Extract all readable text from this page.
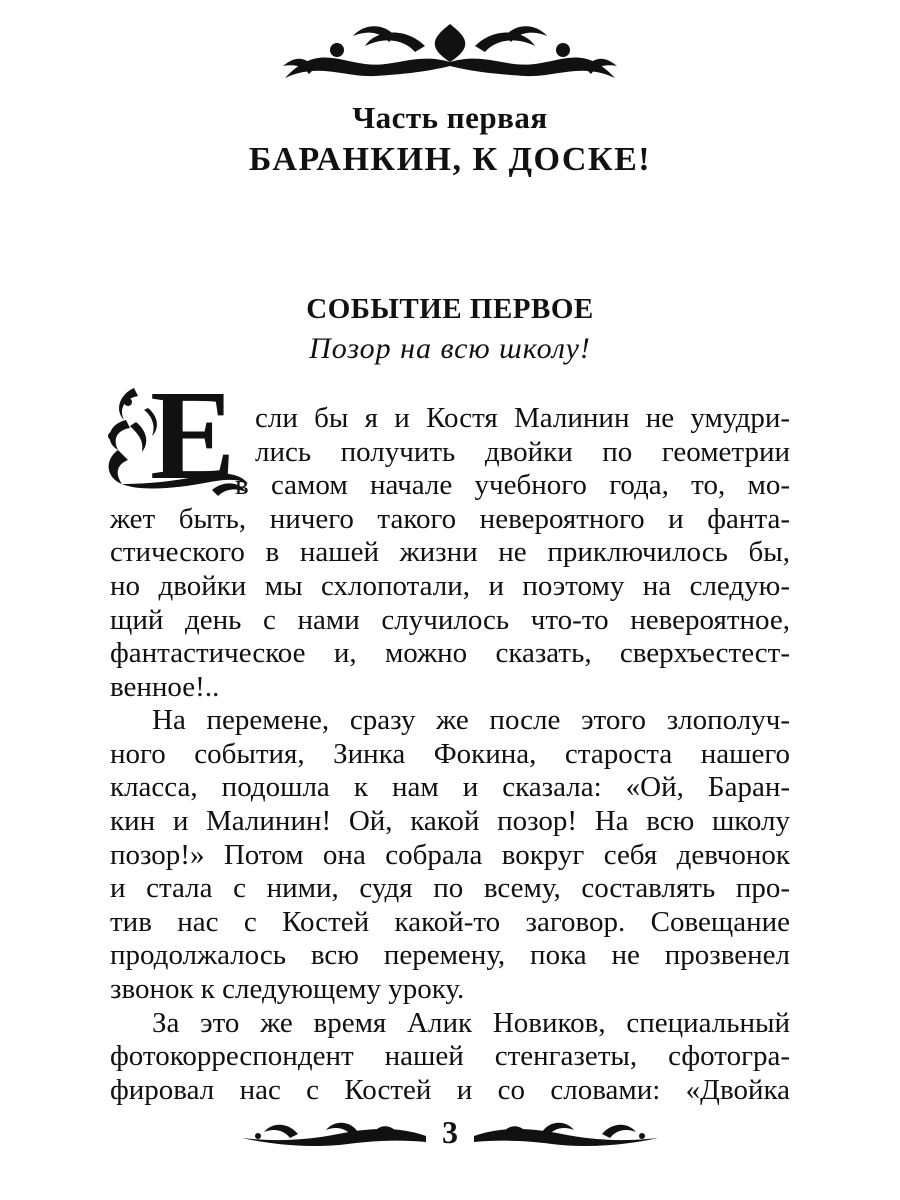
Часть первая
БАРАНКИН, К ДОСКЕ!
СОБЫТИЕ ПЕРВОЕ
Позор на всю школу!
Е сли бы я и Костя Малинин не умудри-
лись получить двойки по геометрии
в самом начале учебного года, то, мо-
жет быть, ничего такого невероятного и фанта-
стического в нашей жизни не приключилось бы,
но двойки мы схлопотали, и поэтому на следую-
щий день с нами случилось что-то невероятное,
фантастическое и, можно сказать, сверхъестест-
венное!..
На перемене, сразу же после этого злополуч-
ного события, Зинка Фокина, староста нашего
класса, подошла к нам и сказала: «Ой, Баран-
кин и Малинин! Ой, какой позор! На всю школу
позор!» Потом она собрала вокруг себя девчонок
и стала с ними, судя по всему, составлять про-
тив нас с Костей какой-то заговор. Совещание
продолжалось всю перемену, пока не прозвенел
звонок к следующему уроку.
За это же время Алик Новиков, специальный
фотокорреспондент нашей стенгазеты, сфотогра-
фировал нас с Костей и со словами: «Двойка
3
